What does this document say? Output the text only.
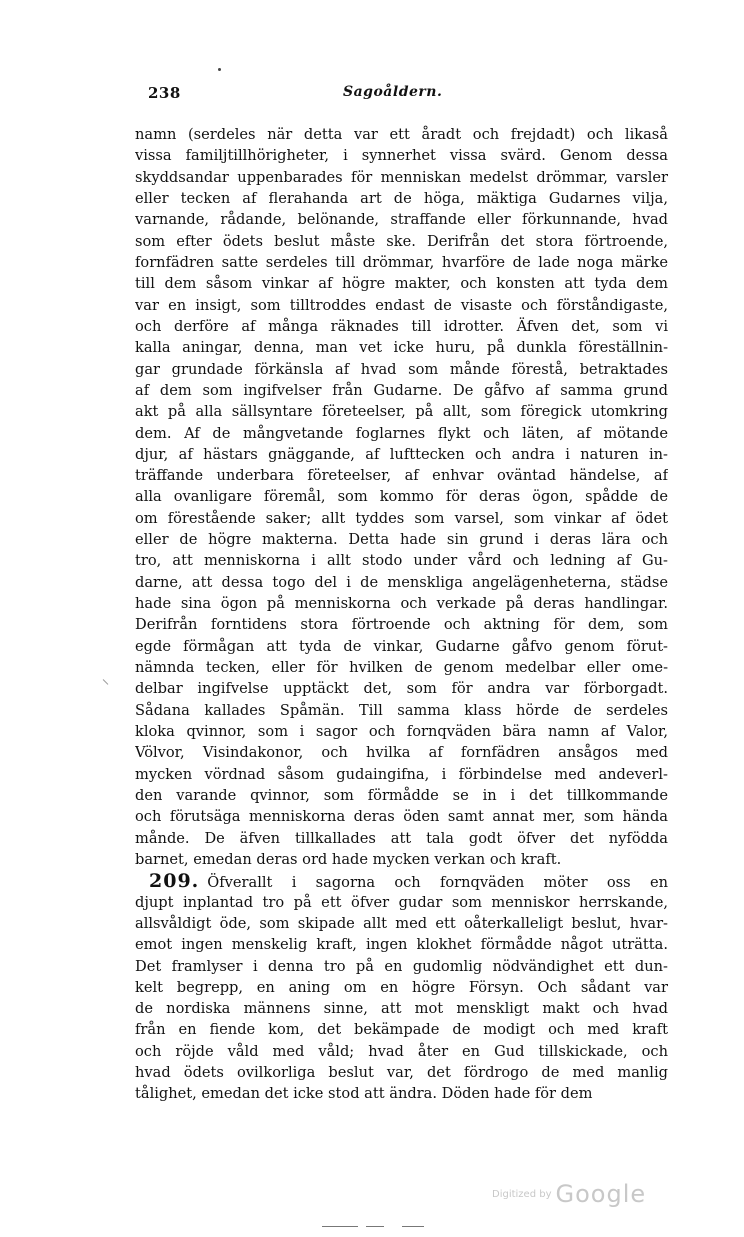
238	Sagoåldern.
namn (serdeles när detta var ett åradt och frejdadt) och likaså
vissa familjtillhörigheter, i synnerhet vissa svärd. Genom dessa
skyddsandar uppenbarades för menniskan medelst drömmar, varsler
eller tecken af flerahanda art de höga, mäktiga Gudarnes vilja,
varnande, rådande, belönande, straffande eller förkunnande, hvad
som efter ödets beslut måste ske. Derifrån det stora förtroende,
fornfädren satte serdeles till drömmar, hvarföre de lade noga märke
till dem såsom vinkar af högre makter, och konsten att tyda dem
var en insigt, som tilltroddes endast de visaste och förståndigaste,
och derföre af många räknades till idrotter. Äfven det, som vi
kalla aningar, denna, man vet icke huru, på dunkla föreställnin-
gar grundade förkänsla af hvad som månde förestå, betraktades
af dem som ingifvelser från Gudarne. De gåfvo af samma grund
akt på alla sällsyntare företeelser, på allt, som föregick utomkring
dem. Af de mångvetande foglarnes flykt och läten, af mötande
djur, af hästars gnäggande, af lufttecken och andra i naturen in-
träffande underbara företeelser, af enhvar oväntad händelse, af
alla ovanligare föremål, som kommo för deras ögon, spådde de
om förestående saker; allt tyddes som varsel, som vinkar af ödet
eller de högre makterna. Detta hade sin grund i deras lära och
tro, att menniskorna i allt stodo under vård och ledning af Gu-
darne, att dessa togo del i de menskliga angelägenheterna, städse
hade sina ögon på menniskorna och verkade på deras handlingar.
Derifrån forntidens stora förtroende och aktning för dem, som
egde förmågan att tyda de vinkar, Gudarne gåfvo genom förut-
nämnda tecken, eller för hvilken de genom medelbar eller ome-
delbar ingifvelse upptäckt det, som för andra var förborgadt.
Sådana kallades Spåmän. Till samma klass hörde de serdeles
kloka qvinnor, som i sagor och fornqväden bära namn af Valor,
Völvor, Visindakonor, och hvilka af fornfädren ansågos med
mycken vördnad såsom gudaingifna, i förbindelse med andeverl-
den varande qvinnor, som förmådde se in i det tillkommande
och förutsäga menniskorna deras öden samt annat mer, som hända
månde. De äfven tillkallades att tala godt öfver det nyfödda
barnet, emedan deras ord hade mycken verkan och kraft.
209. Öfverallt i sagorna och fornqväden möter oss en
djupt inplantad tro på ett öfver gudar som menniskor herrskande,
allsvåldigt öde, som skipade allt med ett oåterkalleligt beslut, hvar-
emot ingen menskelig kraft, ingen klokhet förmådde något uträtta.
Det framlyser i denna tro på en gudomlig nödvändighet ett dun-
kelt begrepp, en aning om en högre Försyn. Och sådant var
de nordiska männens sinne, att mot menskligt makt och hvad
från en fiende kom, det bekämpade de modigt och med kraft
och röjde våld med våld; hvad åter en Gud tillskickade, och
hvad ödets ovilkorliga beslut var, det fördrogo de med manlig
tålighet, emedan det icke stod att ändra. Döden hade för dem
Digitized by Google
